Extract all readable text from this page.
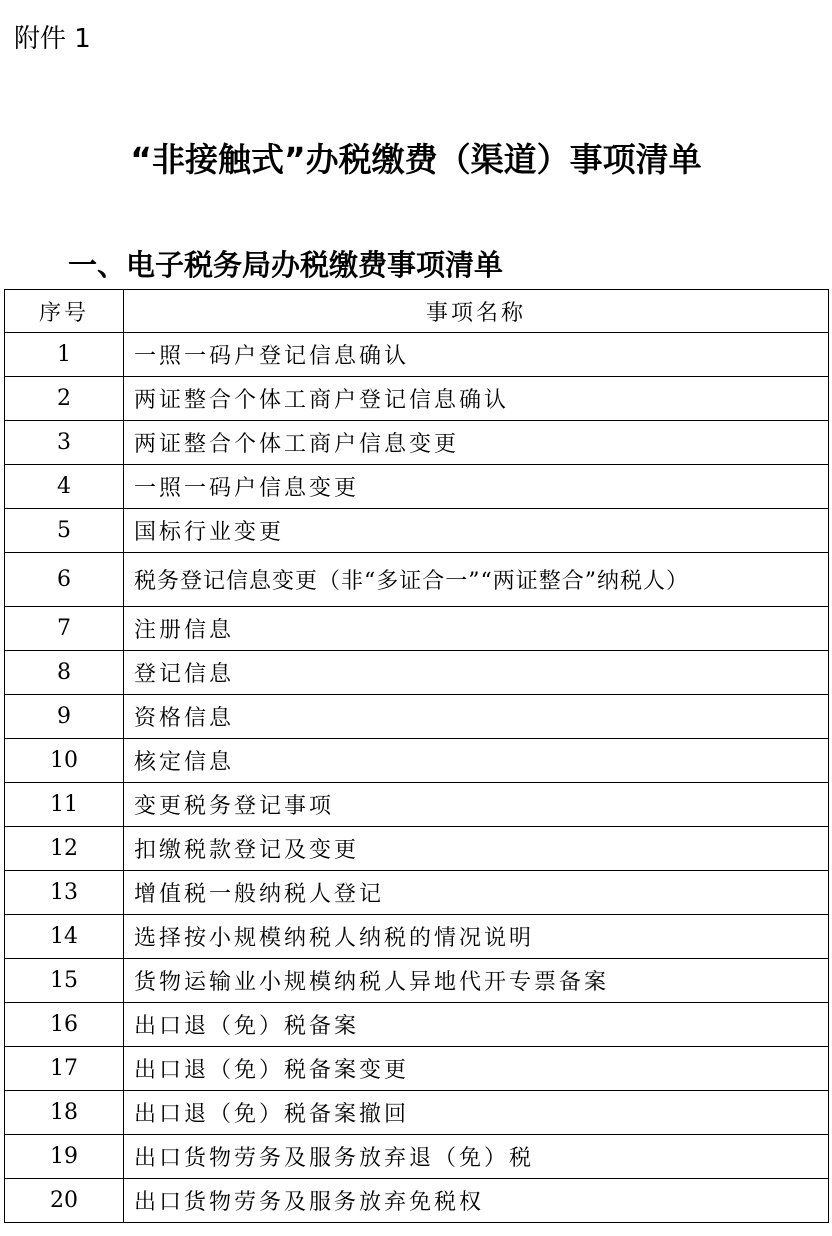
附件 1
“非接触式”办税缴费（渠道）事项清单
一、电子税务局办税缴费事项清单
序号	事项名称
1	一照一码户登记信息确认
2	两证整合个体工商户登记信息确认
3	两证整合个体工商户信息变更
4	一照一码户信息变更
5	国标行业变更
6	税务登记信息变更（非“多证合一”“两证整合”纳税人）
7	注册信息
8	登记信息
9	资格信息
10	核定信息
11	变更税务登记事项
12	扣缴税款登记及变更
13	增值税一般纳税人登记
14	选择按小规模纳税人纳税的情况说明
15	货物运输业小规模纳税人异地代开专票备案
16	出口退（免）税备案
17	出口退（免）税备案变更
18	出口退（免）税备案撤回
19	出口货物劳务及服务放弃退（免）税
20	出口货物劳务及服务放弃免税权
